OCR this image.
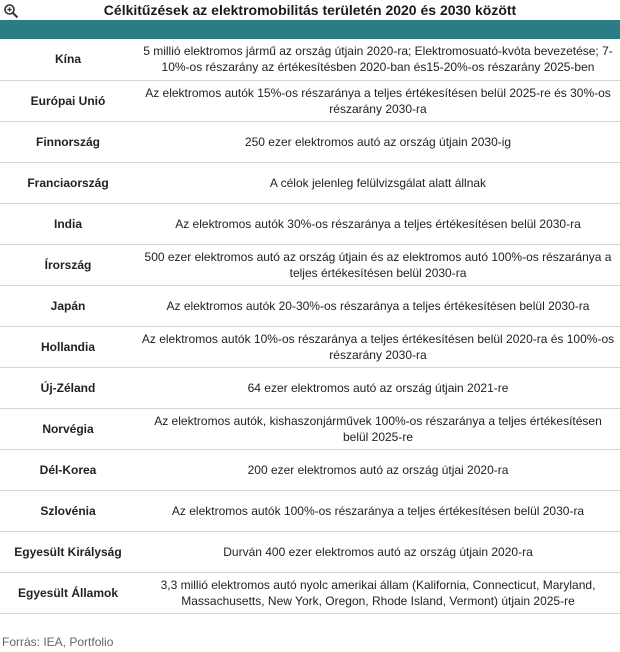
Célkitűzések az elektromobilitás területén 2020 és 2030 között
Kína	5 millió elektromos jármű az ország útjain 2020-ra; Elektromosuató-kvóta bevezetése; 7-10%-os részarány az értékesítésben 2020-ban és15-20%-os részarány 2025-ben
Európai Unió	Az elektromos autók 15%-os részaránya a teljes értékesítésen belül 2025-re és 30%-os részarány 2030-ra
Finnország	250 ezer elektromos autó az ország útjain 2030-ig
Franciaország	A célok jelenleg felülvizsgálat alatt állnak
India	Az elektromos autók 30%-os részaránya a teljes értékesítésen belül 2030-ra
Írország	500 ezer elektromos autó az ország útjain és az elektromos autó 100%-os részaránya a teljes értékesítésen belül 2030-ra
Japán	Az elektromos autók 20-30%-os részaránya a teljes értékesítésen belül 2030-ra
Hollandia	Az elektromos autók 10%-os részaránya a teljes értékesítésen belül 2020-ra és 100%-os részarány 2030-ra
Új-Zéland	64 ezer elektromos autó az ország útjain 2021-re
Norvégia	Az elektromos autók, kishaszonjárművek 100%-os részaránya a teljes értékesítésen belül 2025-re
Dél-Korea	200 ezer elektromos autó az ország útjai 2020-ra
Szlovénia	Az elektromos autók 100%-os részaránya a teljes értékesítésen belül 2030-ra
Egyesült Királyság	Durván 400 ezer elektromos autó az ország útjain 2020-ra
Egyesült Államok	3,3 millió elektromos autó nyolc amerikai állam (Kalifornia, Connecticut, Maryland, Massachusetts, New York, Oregon, Rhode Island, Vermont) útjain 2025-re
Forrás: IEA, Portfolio
